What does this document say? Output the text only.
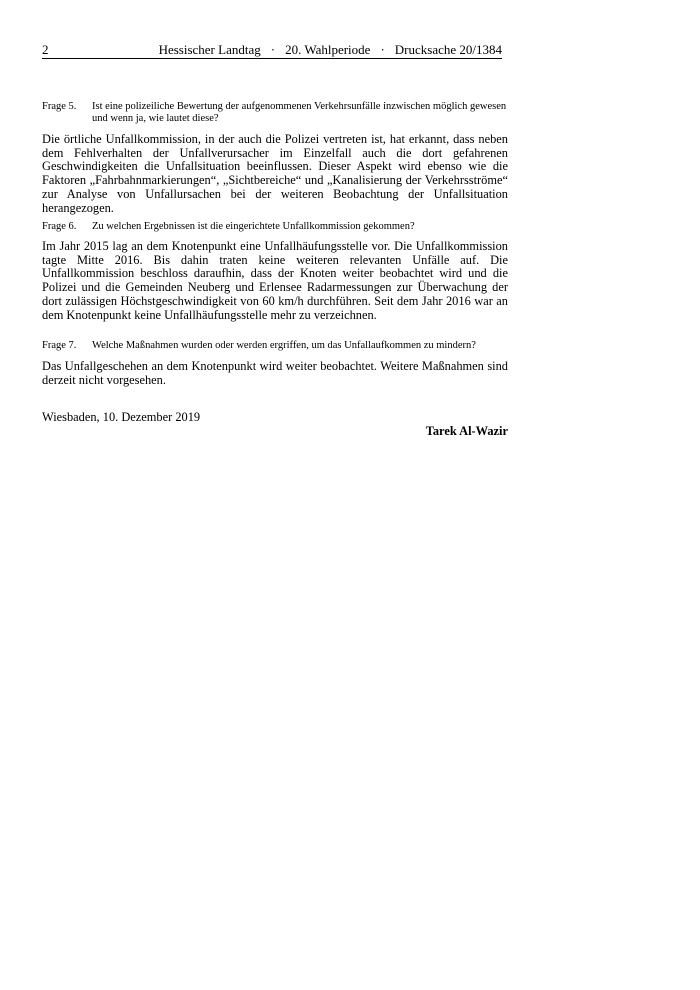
2	Hessischer Landtag · 20. Wahlperiode · Drucksache 20/1384
Frage 5. Ist eine polizeiliche Bewertung der aufgenommenen Verkehrsunfälle inzwischen möglich gewesen und wenn ja, wie lautet diese?

Die örtliche Unfallkommission, in der auch die Polizei vertreten ist, hat erkannt, dass neben dem Fehlverhalten der Unfallverursacher im Einzelfall auch die dort gefahrenen Geschwindigkeiten die Unfallsituation beeinflussen. Dieser Aspekt wird ebenso wie die Faktoren „Fahrbahnmarkierungen“, „Sichtbereiche“ und „Kanalisierung der Verkehrsströme“ zur Analyse von Unfallursachen bei der weiteren Beobachtung der Unfallsituation herangezogen.

Frage 6. Zu welchen Ergebnissen ist die eingerichtete Unfallkommission gekommen?

Im Jahr 2015 lag an dem Knotenpunkt eine Unfallhäufungsstelle vor. Die Unfallkommission tagte Mitte 2016. Bis dahin traten keine weiteren relevanten Unfälle auf. Die Unfallkommission beschloss daraufhin, dass der Knoten weiter beobachtet wird und die Polizei und die Gemeinden Neuberg und Erlensee Radarmessungen zur Überwachung der dort zulässigen Höchstgeschwindigkeit von 60 km/h durchführen. Seit dem Jahr 2016 war an dem Knotenpunkt keine Unfallhäufungsstelle mehr zu verzeichnen.

Frage 7. Welche Maßnahmen wurden oder werden ergriffen, um das Unfallaufkommen zu mindern?

Das Unfallgeschehen an dem Knotenpunkt wird weiter beobachtet. Weitere Maßnahmen sind derzeit nicht vorgesehen.

Wiesbaden, 10. Dezember 2019
Tarek Al-Wazir
